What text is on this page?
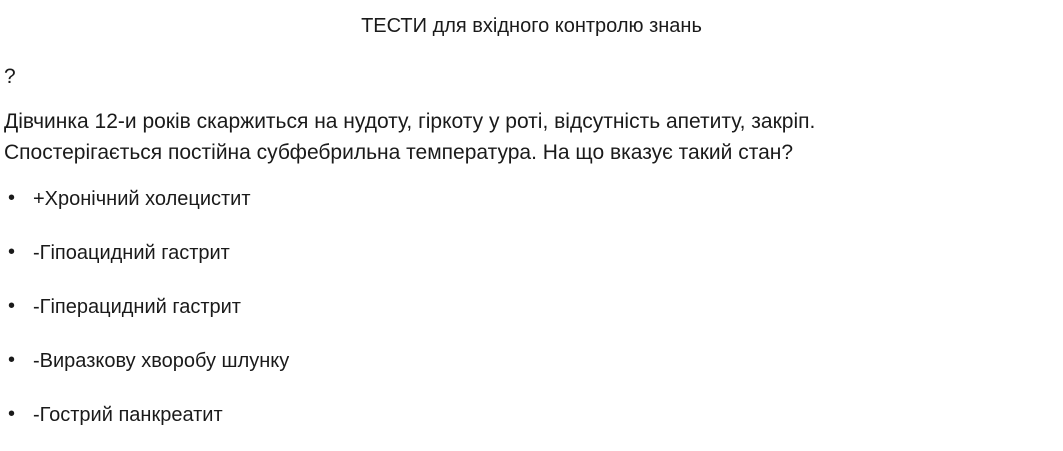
ТЕСТИ для вхідного контролю знань
?

Дівчинка 12-и років скаржиться на нудоту, гіркоту у роті, відсутність апетиту, закріп.
Спостерігається постійна субфебрильна температура. На що вказує такий стан?

• +Хронічний холецистит
• -Гіпоацидний гастрит
• -Гіперацидний гастрит
• -Виразкову хворобу шлунку
• -Гострий панкреатит
